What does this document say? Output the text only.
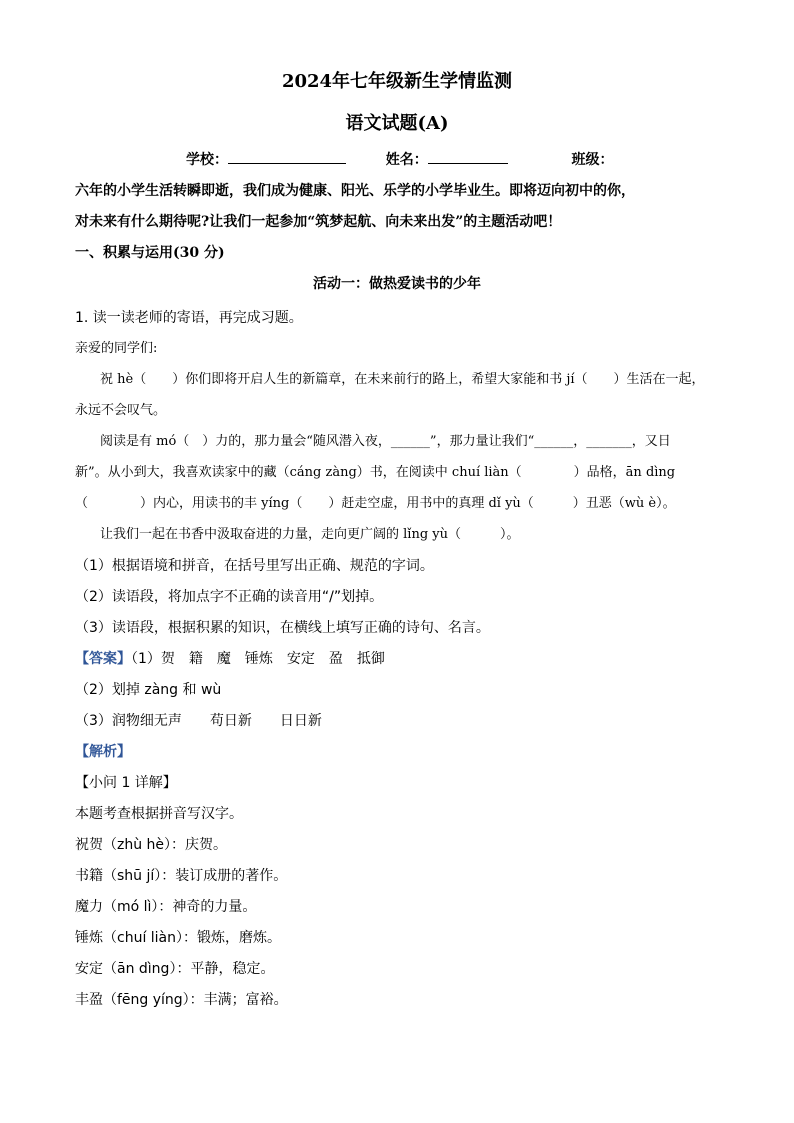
2024年七年级新生学情监测
语文试题(A)
学校：	姓名：	班级：
六年的小学生活转瞬即逝，我们成为健康、阳光、乐学的小学毕业生。即将迈向初中的你，
对未来有什么期待呢?让我们一起参加“筑梦起航、向未来出发”的主题活动吧！
一、积累与运用(30 分)
活动一：做热爱读书的少年
1. 读一读老师的寄语，再完成习题。
亲爱的同学们:
祝 hè（　　）你们即将开启人生的新篇章，在未来前行的路上，希望大家能和书 jí（　　）生活在一起，
永远不会叹气。
阅读是有 mó（　）力的，那力量会“随风潜入夜，______”，那力量让我们“______，_______，又日
新”。从小到大，我喜欢读家中的藏（cáng zàng）书，在阅读中 chuí liàn（　　　　）品格，ān dìng
（　　　　）内心，用读书的丰 yíng（　　）赶走空虚，用书中的真理 dǐ yù（　　　）丑恶（wù è）。
让我们一起在书香中汲取奋进的力量，走向更广阔的 lǐng yù（　　　）。
（1）根据语境和拼音，在括号里写出正确、规范的字词。
（2）读语段，将加点字不正确的读音用“/”划掉。
（3）读语段，根据积累的知识，在横线上填写正确的诗句、名言。
【答案】（1）贺　籍　魔　锤炼　安定　盈　抵御
（2）划掉 zàng 和 wù
（3）润物细无声　　苟日新　　日日新
【解析】
【小问 1 详解】
本题考查根据拼音写汉字。
祝贺（zhù hè）：庆贺。
书籍（shū jí）：装订成册的著作。
魔力（mó lì）：神奇的力量。
锤炼（chuí liàn）：锻炼，磨炼。
安定（ān dìng）：平静，稳定。
丰盈（fēng yíng）：丰满；富裕。
